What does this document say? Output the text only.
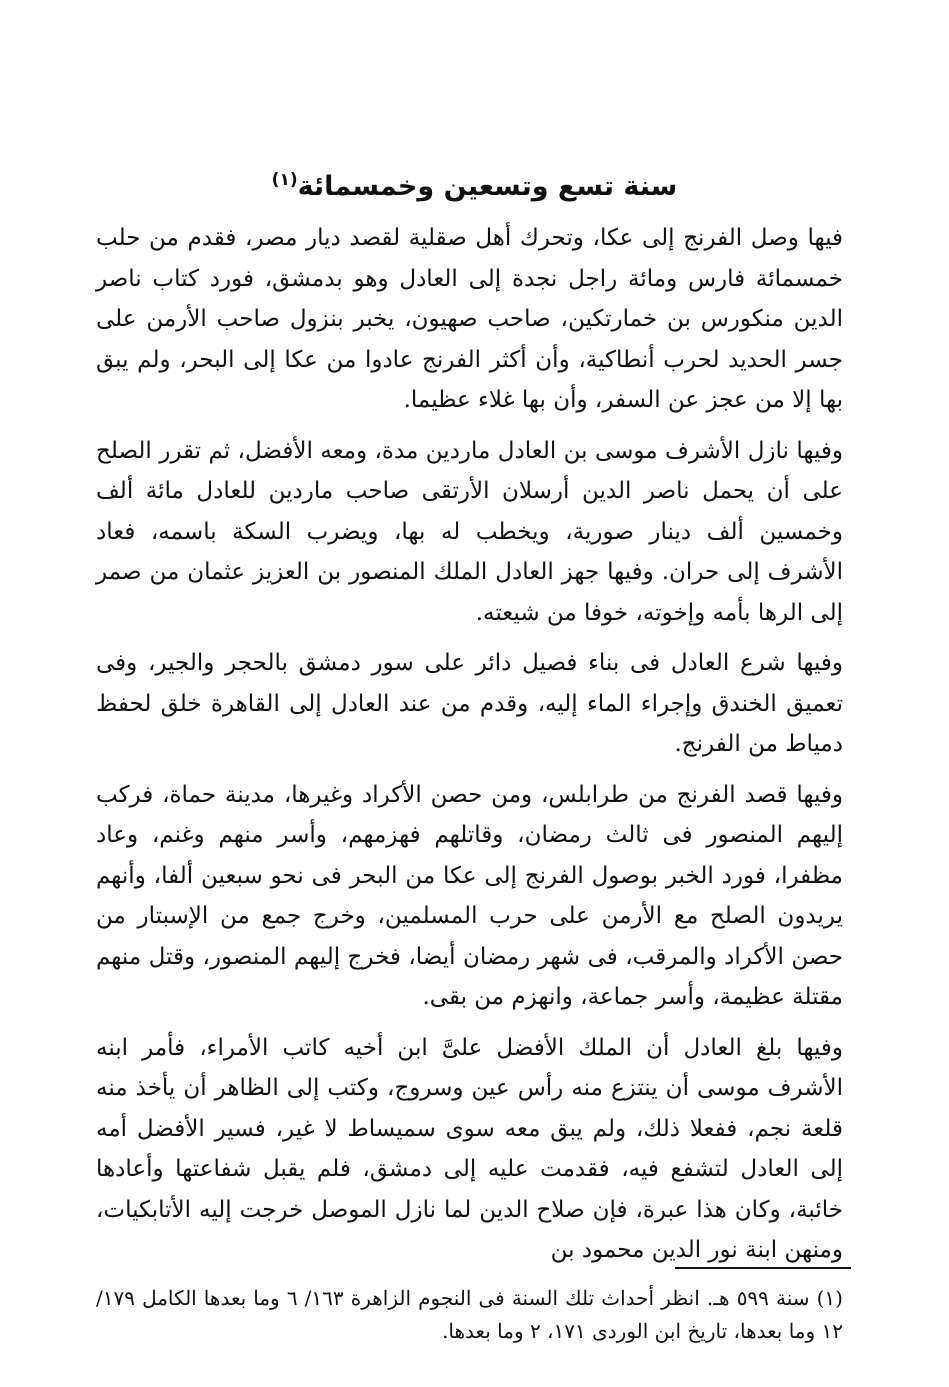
سنة تسع وتسعين وخمسمائة$^{(١)}$

فيها وصل الفرنج إلى عكا، وتحرك أهل صقلية لقصد ديار مصر، فقدم من حلب خمسمائة فارس ومائة راجل نجدة إلى العادل وهو بدمشق، فورد كتاب ناصر الدين منكورس بن خمارتكين، صاحب صهيون، يخبر بنزول صاحب الأرمن على جسر الحديد لحرب أنطاكية، وأن أكثر الفرنج عادوا من عكا إلى البحر، ولم يبق بها إلا من عجز عن السفر، وأن بها غلاء عظيما.

وفيها نازل الأشرف موسى بن العادل ماردين مدة، ومعه الأفضل، ثم تقرر الصلح على أن يحمل ناصر الدين أرسلان الأرتقى صاحب ماردين للعادل مائة ألف وخمسين ألف دينار صورية، ويخطب له بها، ويضرب السكة باسمه، فعاد الأشرف إلى حران. وفيها جهز العادل الملك المنصور بن العزيز عثمان من صمر إلى الرها بأمه وإخوته، خوفا من شيعته.

وفيها شرع العادل فى بناء فصيل دائر على سور دمشق بالحجر والجير، وفى تعميق الخندق وإجراء الماء إليه، وقدم من عند العادل إلى القاهرة خلق لحفظ دمياط من الفرنج.

وفيها قصد الفرنج من طرابلس، ومن حصن الأكراد وغيرها، مدينة حماة، فركب إليهم المنصور فى ثالث رمضان، وقاتلهم فهزمهم، وأسر منهم وغنم، وعاد مظفرا، فورد الخبر بوصول الفرنج إلى عكا من البحر فى نحو سبعين ألفا، وأنهم يريدون الصلح مع الأرمن على حرب المسلمين، وخرج جمع من الإسبتار من حصن الأكراد والمرقب، فى شهر رمضان أيضا، فخرج إليهم المنصور، وقتل منهم مقتلة عظيمة، وأسر جماعة، وانهزم من بقى.

وفيها بلغ العادل أن الملك الأفضل علىَّ ابن أخيه كاتب الأمراء، فأمر ابنه الأشرف موسى أن ينتزع منه رأس عين وسروج، وكتب إلى الظاهر أن يأخذ منه قلعة نجم، ففعلا ذلك، ولم يبق معه سوى سميساط لا غير، فسير الأفضل أمه إلى العادل لتشفع فيه، فقدمت عليه إلى دمشق، فلم يقبل شفاعتها وأعادها خائبة، وكان هذا عبرة، فإن صلاح الدين لما نازل الموصل خرجت إليه الأتابكيات، ومنهن ابنة نور الدين محمود بن

(١) سنة ٥٩٩ هـ. انظر أحداث تلك السنة فى النجوم الزاهرة ١٦٣/ ٦ وما بعدها الكامل ١٧٩/ ١٢ وما بعدها، تاريخ ابن الوردى ١٧١، ٢ وما بعدها.
